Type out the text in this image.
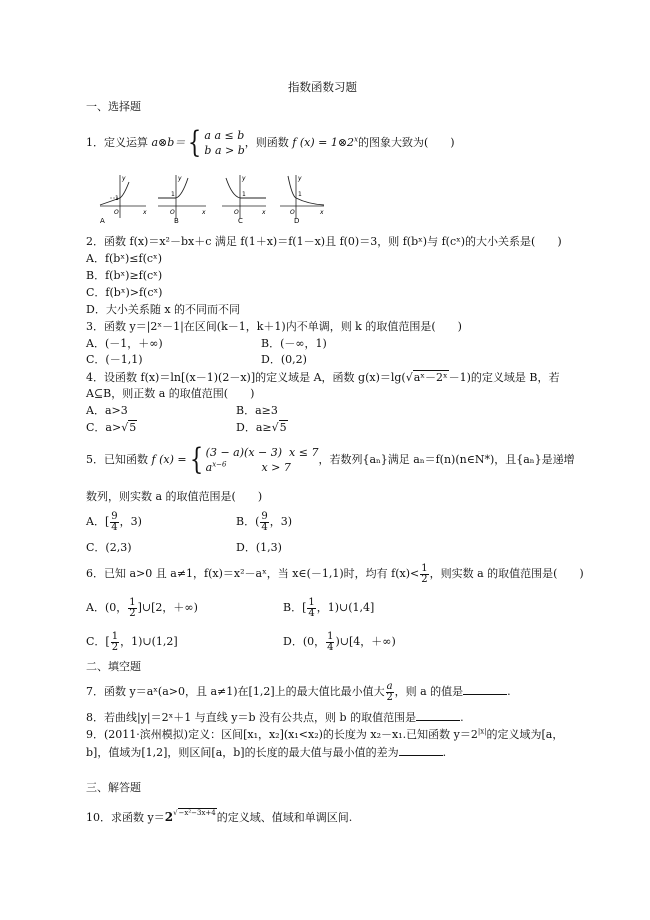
指数函数习题
一、选择题
1．定义运算 a⊗b＝{ a a ≤ b
b a > b
，则函数 f $(x) = 1\otimes 2^x$的图象大致为(　　)
y
x
O
1
A
y
x
O
1
B
y
x
O
1
C
y
x
O
1
D
2．函数 f(x)＝x²－bx＋c 满足 f(1＋x)＝f(1－x)且 f(0)＝3，则 f(bˣ)与 f(cˣ)的大小关系是(　　)
A．f(bˣ)≤f(cˣ)
B．f(bˣ)≥f(cˣ)
C．f(bˣ)>f(cˣ)
D．大小关系随 x 的不同而不同
3．函数 y＝|2ˣ－1|在区间(k－1，k＋1)内不单调，则 k 的取值范围是(　　)
A．(－1，＋∞)	B．(－∞，1)
C．(－1,1)	D．(0,2)
4．设函数 f(x)＝ln[(x－1)(2－x)]的定义域是 A，函数 g(x)＝lg(√aˣ－2ˣ－1)的定义域是 B，若
A⊆B，则正数 a 的取值范围(　　)
A．a>3	B．a≥3
C．a>√5	D．a≥√5
5．已知函数 f (x) ={ (3 − a)(x − 3) x ≤ 7
$a^{x-6}$	x > 7
，若数列{aₙ}满足 aₙ＝f(n)(n∈N*)，且{aₙ}是递增
数列，则实数 a 的取值范围是(　　)
A．[ $\frac{9}{4}$ ，3)	B．( $\frac{9}{4}$ ，3)
C．(2,3)	D．(1,3)
6．已知 a>0 且 a≠1，f(x)＝x²－aˣ，当 x∈(－1,1)时，均有 $f(x)< \frac{1}{2}$ ，则实数 a 的取值范围是(　　)
A．(0， $\frac{1}{2}$ ]∪[2，＋∞)	B．[ $\frac{1}{4}$ ，1)∪(1,4]
C．[ $\frac{1}{2}$ ，1)∪(1,2]	D．(0， $\frac{1}{4}$ )∪[4，＋∞)
二、填空题
7．函数 y＝aˣ(a>0，且 a≠1)在[1,2]上的最大值比最小值大 $\frac{a}{2}$ ，则 a 的值是	.
8．若曲线|y|＝2ˣ＋1 与直线 y＝b 没有公共点，则 b 的取值范围是	.
9．(2011·滨州模拟)定义：区间[x₁，x₂](x₁<x₂)的长度为 x₂－x₁.已知函数 $y=2^{|x|}$的定义域为[a，
b]，值域为[1,2]，则区间[a，b]的长度的最大值与最小值的差为	.
三、解答题
10．求函数 $y=2^{√-x^2-3x+4}$的定义域、值域和单调区间.
